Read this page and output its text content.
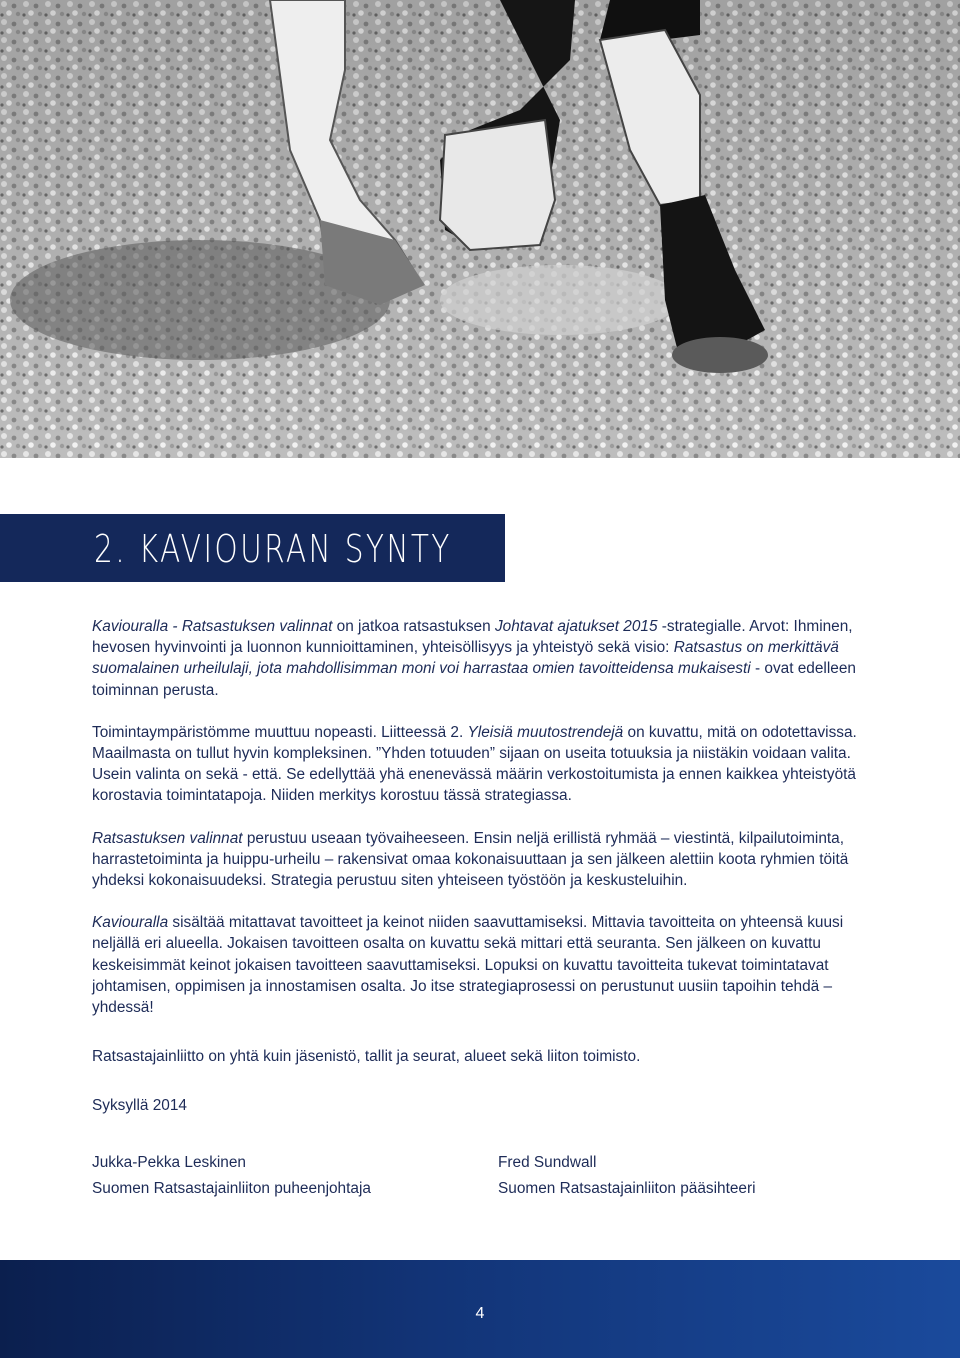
2. KAVIOURAN SYNTY

Kaviouralla - Ratsastuksen valinnat on jatkoa ratsastuksen Johtavat ajatukset 2015 -strategialle. Arvot: Ihminen, hevosen hyvinvointi ja luonnon kunnioittaminen, yhteisöllisyys ja yhteistyö sekä visio: Ratsastus on merkittävä suomalainen urheilulaji, jota mahdollisimman moni voi harrastaa omien tavoitteidensa mukaisesti - ovat edelleen toiminnan perusta.

Toimintaympäristömme muuttuu nopeasti. Liitteessä 2. Yleisiä muutostrendejä on kuvattu, mitä on odotettavissa. Maailmasta on tullut hyvin kompleksinen. ”Yhden totuuden” sijaan on useita totuuksia ja niistäkin voidaan valita. Usein valinta on sekä - että. Se edellyttää yhä enenevässä määrin verkostoitumista ja ennen kaikkea yhteistyötä korostavia toimintatapoja. Niiden merkitys korostuu tässä strategiassa.

Ratsastuksen valinnat perustuu useaan työvaiheeseen. Ensin neljä erillistä ryhmää – viestintä, kilpailutoiminta, harrastetoiminta ja huippu-urheilu – rakensivat omaa kokonaisuuttaan ja sen jälkeen alettiin koota ryhmien töitä yhdeksi kokonaisuudeksi. Strategia perustuu siten yhteiseen työstöön ja keskusteluihin.

Kaviouralla sisältää mitattavat tavoitteet ja keinot niiden saavuttamiseksi. Mittavia tavoitteita on yhteensä kuusi neljällä eri alueella. Jokaisen tavoitteen osalta on kuvattu sekä mittari että seuranta. Sen jälkeen on kuvattu keskeisimmät keinot jokaisen tavoitteen saavuttamiseksi. Lopuksi on kuvattu tavoitteita tukevat toimintatavat johtamisen, oppimisen ja innostamisen osalta. Jo itse strategiaprosessi on perustunut uusiin tapoihin tehdä – yhdessä!

Ratsastajainliitto on yhtä kuin jäsenistö, tallit ja seurat, alueet sekä liiton toimisto.

Syksyllä 2014

Jukka-Pekka Leskinen
Suomen Ratsastajainliiton puheenjohtaja
Fred Sundwall
Suomen Ratsastajainliiton pääsihteeri
4
